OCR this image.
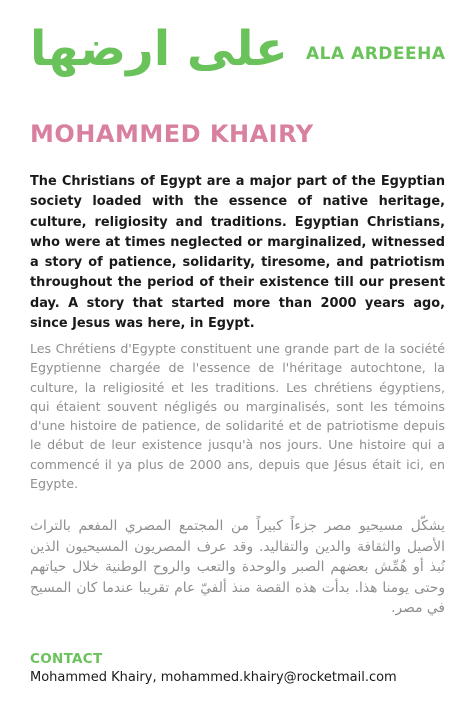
على ارضها ALA ARDEEHA
MOHAMMED KHAIRY

The Christians of Egypt are a major part of the Egyptian society loaded with the essence of native heritage, culture, religiosity and traditions. Egyptian Christians, who were at times neglected or marginalized, witnessed a story of patience, solidarity, tiresome, and patriotism throughout the period of their existence till our present day. A story that started more than 2000 years ago, since Jesus was here, in Egypt.

Les Chrétiens d'Egypte constituent une grande part de la société Egyptienne chargée de l'essence de l'héritage autochtone, la culture, la religiosité et les traditions. Les chrétiens égyptiens, qui étaient souvent négligés ou marginalisés, sont les témoins d'une histoire de patience, de solidarité et de patriotisme depuis le début de leur existence jusqu'à nos jours. Une histoire qui a commencé il ya plus de 2000 ans, depuis que Jésus était ici, en Egypte.

يشكّل مسيحيو مصر جزءاً كبيراً من المجتمع المصري المفعم بالتراث الأصيل والثقافة والدين والتقاليد. وقد عرف المصريون المسيحيون الذين نُبذ أو هُمِّش بعضهم الصبر والوحدة والتعب والروح الوطنية خلال حياتهم وحتى يومنا هذا. بدأت هذه القصة منذ ألفيّ عام تقريبا عندما كان المسيح في مصر.

CONTACT
Mohammed Khairy, mohammed.khairy@rocketmail.com
